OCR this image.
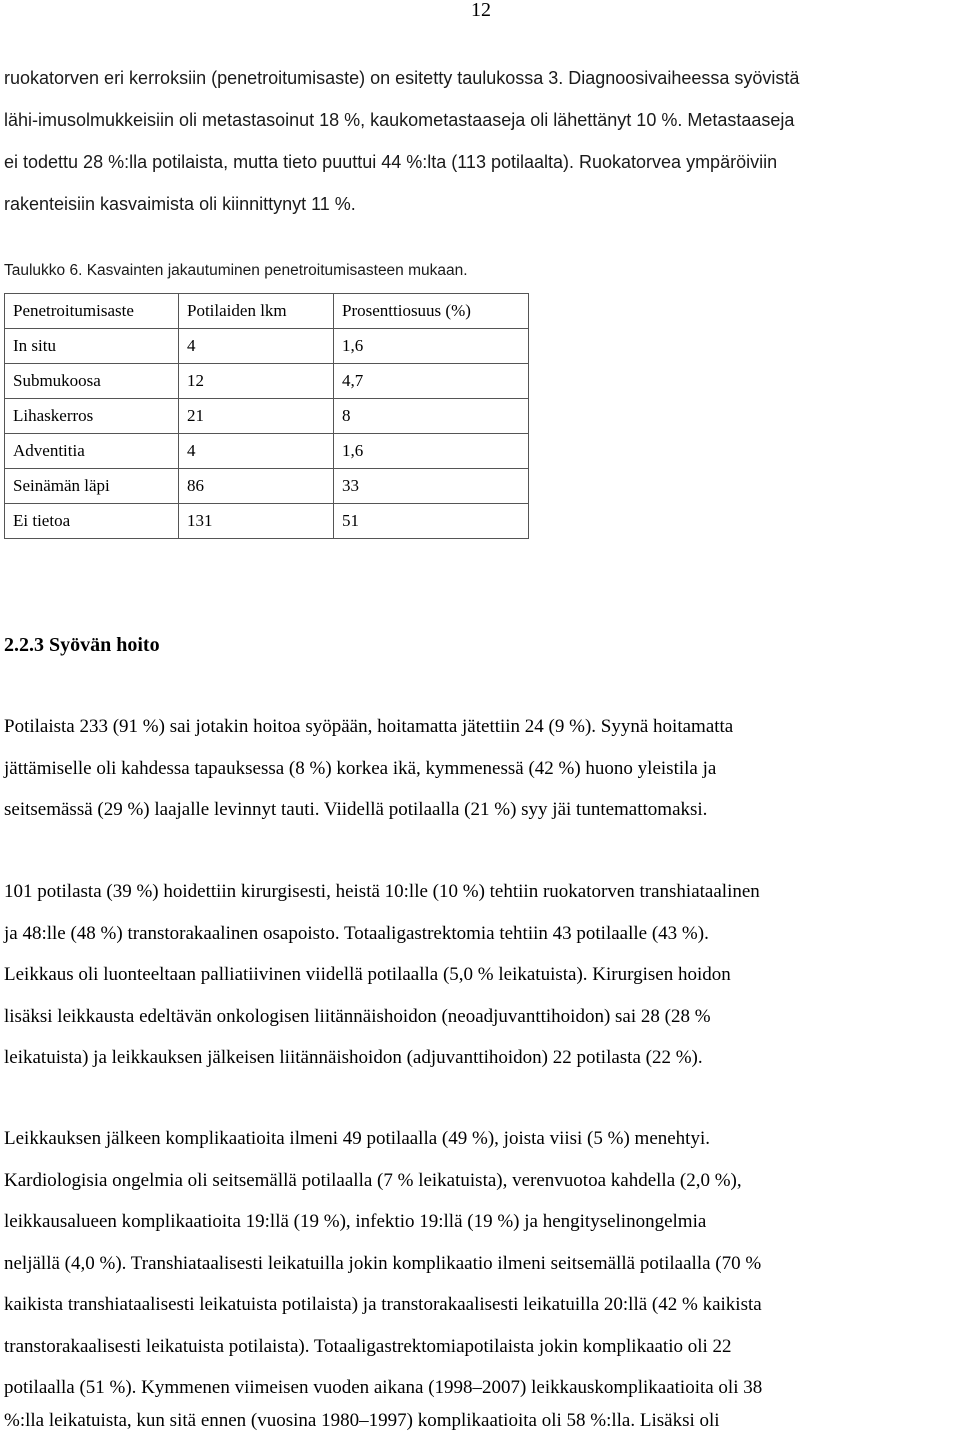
12
ruokatorven eri kerroksiin (penetroitumisaste) on esitetty taulukossa 3. Diagnoosivaiheessa syövistä
lähi-imusolmukkeisiin oli metastasoinut 18 %, kaukometastaaseja oli lähettänyt 10 %. Metastaaseja
ei todettu 28 %:lla potilaista, mutta tieto puuttui 44 %:lta (113 potilaalta). Ruokatorvea ympäröiviin
rakenteisiin kasvaimista oli kiinnittynyt 11 %.
Taulukko 6. Kasvainten jakautuminen penetroitumisasteen mukaan.
Penetroitumisaste	Potilaiden lkm	Prosenttiosuus (%)
In situ	4	1,6
Submukoosa	12	4,7
Lihaskerros	21	8
Adventitia	4	1,6
Seinämän läpi	86	33
Ei tietoa	131	51
2.2.3 Syövän hoito
Potilaista 233 (91 %) sai jotakin hoitoa syöpään, hoitamatta jätettiin 24 (9 %). Syynä hoitamatta
jättämiselle oli kahdessa tapauksessa (8 %) korkea ikä, kymmenessä (42 %) huono yleistila ja
seitsemässä (29 %) laajalle levinnyt tauti. Viidellä potilaalla (21 %) syy jäi tuntemattomaksi.
101 potilasta (39 %) hoidettiin kirurgisesti, heistä 10:lle (10 %) tehtiin ruokatorven transhiataalinen
ja 48:lle (48 %) transtorakaalinen osapoisto. Totaaligastrektomia tehtiin 43 potilaalle (43 %).
Leikkaus oli luonteeltaan palliatiivinen viidellä potilaalla (5,0 % leikatuista). Kirurgisen hoidon
lisäksi leikkausta edeltävän onkologisen liitännäishoidon (neoadjuvanttihoidon) sai 28 (28 %
leikatuista) ja leikkauksen jälkeisen liitännäishoidon (adjuvanttihoidon) 22 potilasta (22 %).
Leikkauksen jälkeen komplikaatioita ilmeni 49 potilaalla (49 %), joista viisi (5 %) menehtyi.
Kardiologisia ongelmia oli seitsemällä potilaalla (7 % leikatuista), verenvuotoa kahdella (2,0 %),
leikkausalueen komplikaatioita 19:llä (19 %), infektio 19:llä (19 %) ja hengityselinongelmia
neljällä (4,0 %). Transhiataalisesti leikatuilla jokin komplikaatio ilmeni seitsemällä potilaalla (70 %
kaikista transhiataalisesti leikatuista potilaista) ja transtorakaalisesti leikatuilla 20:llä (42 % kaikista
transtorakaalisesti leikatuista potilaista). Totaaligastrektomiapotilaista jokin komplikaatio oli 22
potilaalla (51 %). Kymmenen viimeisen vuoden aikana (1998–2007) leikkauskomplikaatioita oli 38
%:lla leikatuista, kun sitä ennen (vuosina 1980–1997) komplikaatioita oli 58 %:lla. Lisäksi oli
